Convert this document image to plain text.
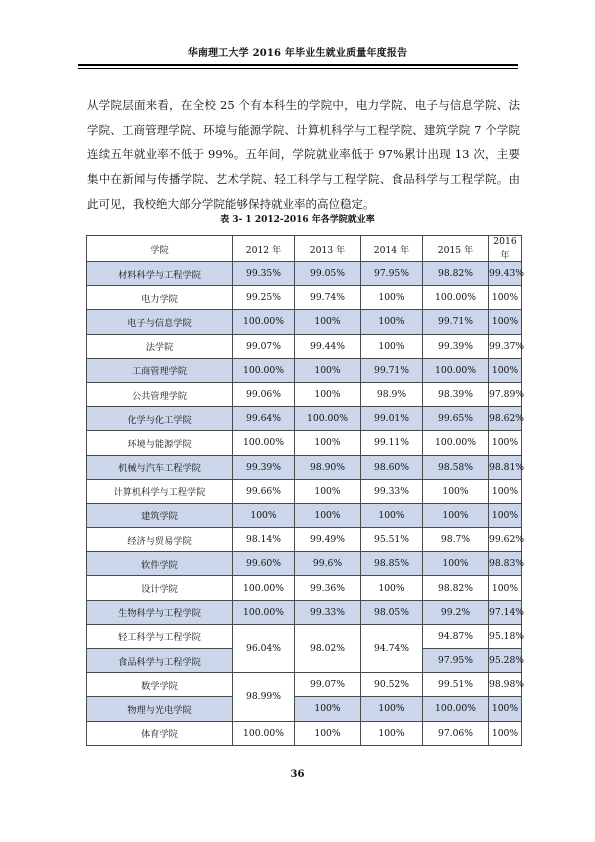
华南理工大学 2016 年毕业生就业质量年度报告

从学院层面来看，在全校 25 个有本科生的学院中，电力学院、电子与信息学院、法学院、工商管理学院、环境与能源学院、计算机科学与工程学院、建筑学院 7 个学院连续五年就业率不低于 99%。五年间，学院就业率低于 97%累计出现 13 次，主要集中在新闻与传播学院、艺术学院、轻工科学与工程学院、食品科学与工程学院。由此可见，我校绝大部分学院能够保持就业率的高位稳定。

表 3- 1 2012-2016 年各学院就业率
学院	2012 年	2013 年	2014 年	2015 年	2016 年
材料科学与工程学院	99.35%	99.05%	97.95%	98.82%	99.43%
电力学院	99.25%	99.74%	100%	100.00%	100%
电子与信息学院	100.00%	100%	100%	99.71%	100%
法学院	99.07%	99.44%	100%	99.39%	99.37%
工商管理学院	100.00%	100%	99.71%	100.00%	100%
公共管理学院	99.06%	100%	98.9%	98.39%	97.89%
化学与化工学院	99.64%	100.00%	99.01%	99.65%	98.62%
环境与能源学院	100.00%	100%	99.11%	100.00%	100%
机械与汽车工程学院	99.39%	98.90%	98.60%	98.58%	98.81%
计算机科学与工程学院	99.66%	100%	99.33%	100%	100%
建筑学院	100%	100%	100%	100%	100%
经济与贸易学院	98.14%	99.49%	95.51%	98.7%	99.62%
软件学院	99.60%	99.6%	98.85%	100%	98.83%
设计学院	100.00%	99.36%	100%	98.82%	100%
生物科学与工程学院	100.00%	99.33%	98.05%	99.2%	97.14%
轻工科学与工程学院	96.04%	98.02%	94.74%	94.87%	95.18%
食品科学与工程学院				97.95%	95.28%
数学学院	98.99%	99.07%	90.52%	99.51%	98.98%
物理与光电学院		100%	100%	100.00%	100%
体育学院	100.00%	100%	100%	97.06%	100%
36
